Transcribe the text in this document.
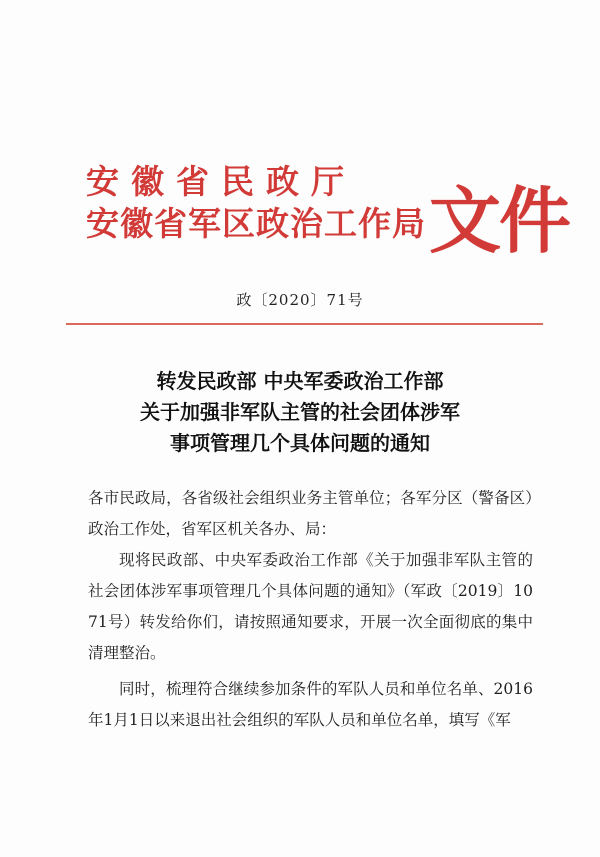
安徽省民政厅
安徽省军区政治工作局 文件
政〔2020〕71号
转发民政部 中央军委政治工作部
关于加强非军队主管的社会团体涉军
事项管理几个具体问题的通知
各市民政局，各省级社会组织业务主管单位；各军分区（警备区）政治工作处，省军区机关各办、局：
现将民政部、中央军委政治工作部《关于加强非军队主管的社会团体涉军事项管理几个具体问题的通知》（军政〔2019〕1071号）转发给你们，请按照通知要求，开展一次全面彻底的集中清理整治。
同时，梳理符合继续参加条件的军队人员和单位名单、2016年1月1日以来退出社会组织的军队人员和单位名单，填写《军
